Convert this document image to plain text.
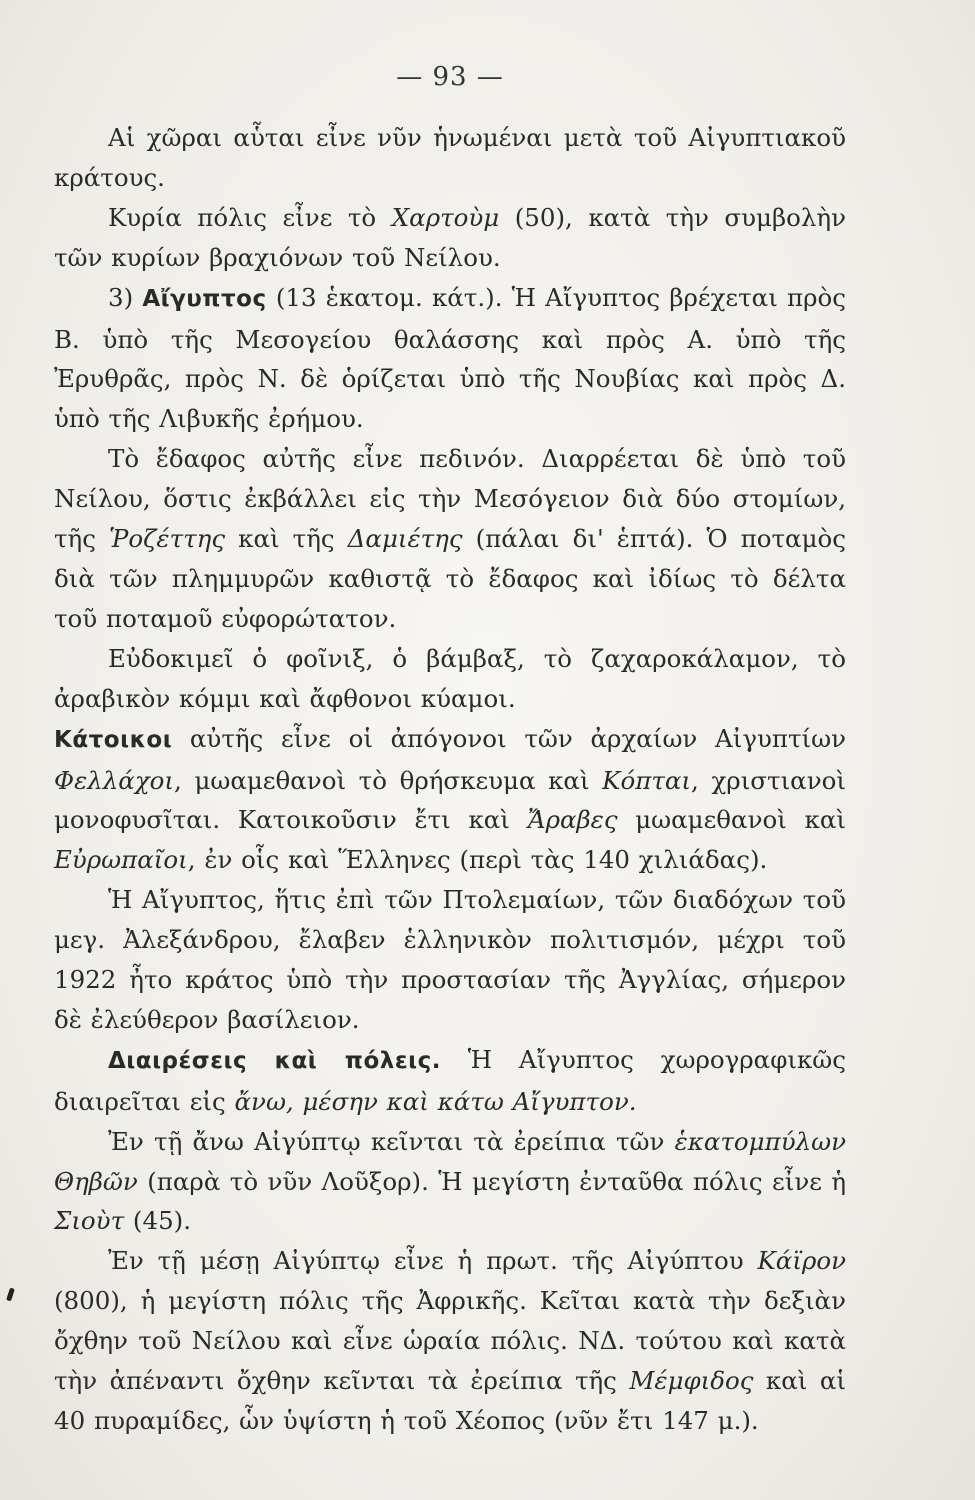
— 93 —

Αἱ χῶραι αὗται εἶνε νῦν ἡνωμέναι μετὰ τοῦ Αἰγυπτιακοῦ κράτους.

Κυρία πόλις εἶνε τὸ Χαρτοὺμ (50), κατὰ τὴν συμβολὴν τῶν κυρίων βραχιόνων τοῦ Νείλου.

3) Αἴγυπτος (13 ἑκατομ. κάτ.). Ἡ Αἴγυπτος βρέχεται πρὸς Β. ὑπὸ τῆς Μεσογείου θαλάσσης καὶ πρὸς Α. ὑπὸ τῆς Ἐρυθρᾶς, πρὸς Ν. δὲ ὁρίζεται ὑπὸ τῆς Νουβίας καὶ πρὸς Δ. ὑπὸ τῆς Λιβυκῆς ἐρήμου.

Τὸ ἔδαφος αὐτῆς εἶνε πεδινόν. Διαρρέεται δὲ ὑπὸ τοῦ Νείλου, ὅστις ἐκβάλλει εἰς τὴν Μεσόγειον διὰ δύο στομίων, τῆς Ῥοζέττης καὶ τῆς Δαμιέτης (πάλαι δι' ἑπτά). Ὁ ποταμὸς διὰ τῶν πλημμυρῶν καθιστᾷ τὸ ἔδαφος καὶ ἰδίως τὸ δέλτα τοῦ ποταμοῦ εὐφορώτατον.

Εὐδοκιμεῖ ὁ φοῖνιξ, ὁ βάμβαξ, τὸ ζαχαροκάλαμον, τὸ ἀραβικὸν κόμμι καὶ ἄφθονοι κύαμοι.

Κάτοικοι αὐτῆς εἶνε οἱ ἀπόγονοι τῶν ἀρχαίων Αἰγυπτίων Φελλάχοι, μωαμεθανοὶ τὸ θρήσκευμα καὶ Κόπται, χριστιανοὶ μονοφυσῖται. Κατοικοῦσιν ἔτι καὶ Ἄραβες μωαμεθανοὶ καὶ Εὐρωπαῖοι, ἐν οἷς καὶ Ἕλληνες (περὶ τὰς 140 χιλιάδας).

Ἡ Αἴγυπτος, ἥτις ἐπὶ τῶν Πτολεμαίων, τῶν διαδόχων τοῦ μεγ. Ἀλεξάνδρου, ἔλαβεν ἑλληνικὸν πολιτισμόν, μέχρι τοῦ 1922 ἦτο κράτος ὑπὸ τὴν προστασίαν τῆς Ἀγγλίας, σήμερον δὲ ἐλεύθερον βασίλειον.

Διαιρέσεις καὶ πόλεις. Ἡ Αἴγυπτος χωρογραφικῶς διαιρεῖται εἰς ἄνω, μέσην καὶ κάτω Αἴγυπτον.

Ἐν τῇ ἄνω Αἰγύπτῳ κεῖνται τὰ ἐρείπια τῶν ἑκατομπύλων Θηβῶν (παρὰ τὸ νῦν Λοῦξορ). Ἡ μεγίστη ἐνταῦθα πόλις εἶνε ἡ Σιοὺτ (45).

Ἐν τῇ μέσῃ Αἰγύπτῳ εἶνε ἡ πρωτ. τῆς Αἰγύπτου Κάϊρον (800), ἡ μεγίστη πόλις τῆς Ἀφρικῆς. Κεῖται κατὰ τὴν δεξιὰν ὄχθην τοῦ Νείλου καὶ εἶνε ὡραία πόλις. ΝΔ. τούτου καὶ κατὰ τὴν ἀπέναντι ὄχθην κεῖνται τὰ ἐρείπια τῆς Μέμφιδος καὶ αἱ 40 πυραμίδες, ὧν ὑψίστη ἡ τοῦ Χέοπος (νῦν ἔτι 147 μ.).
